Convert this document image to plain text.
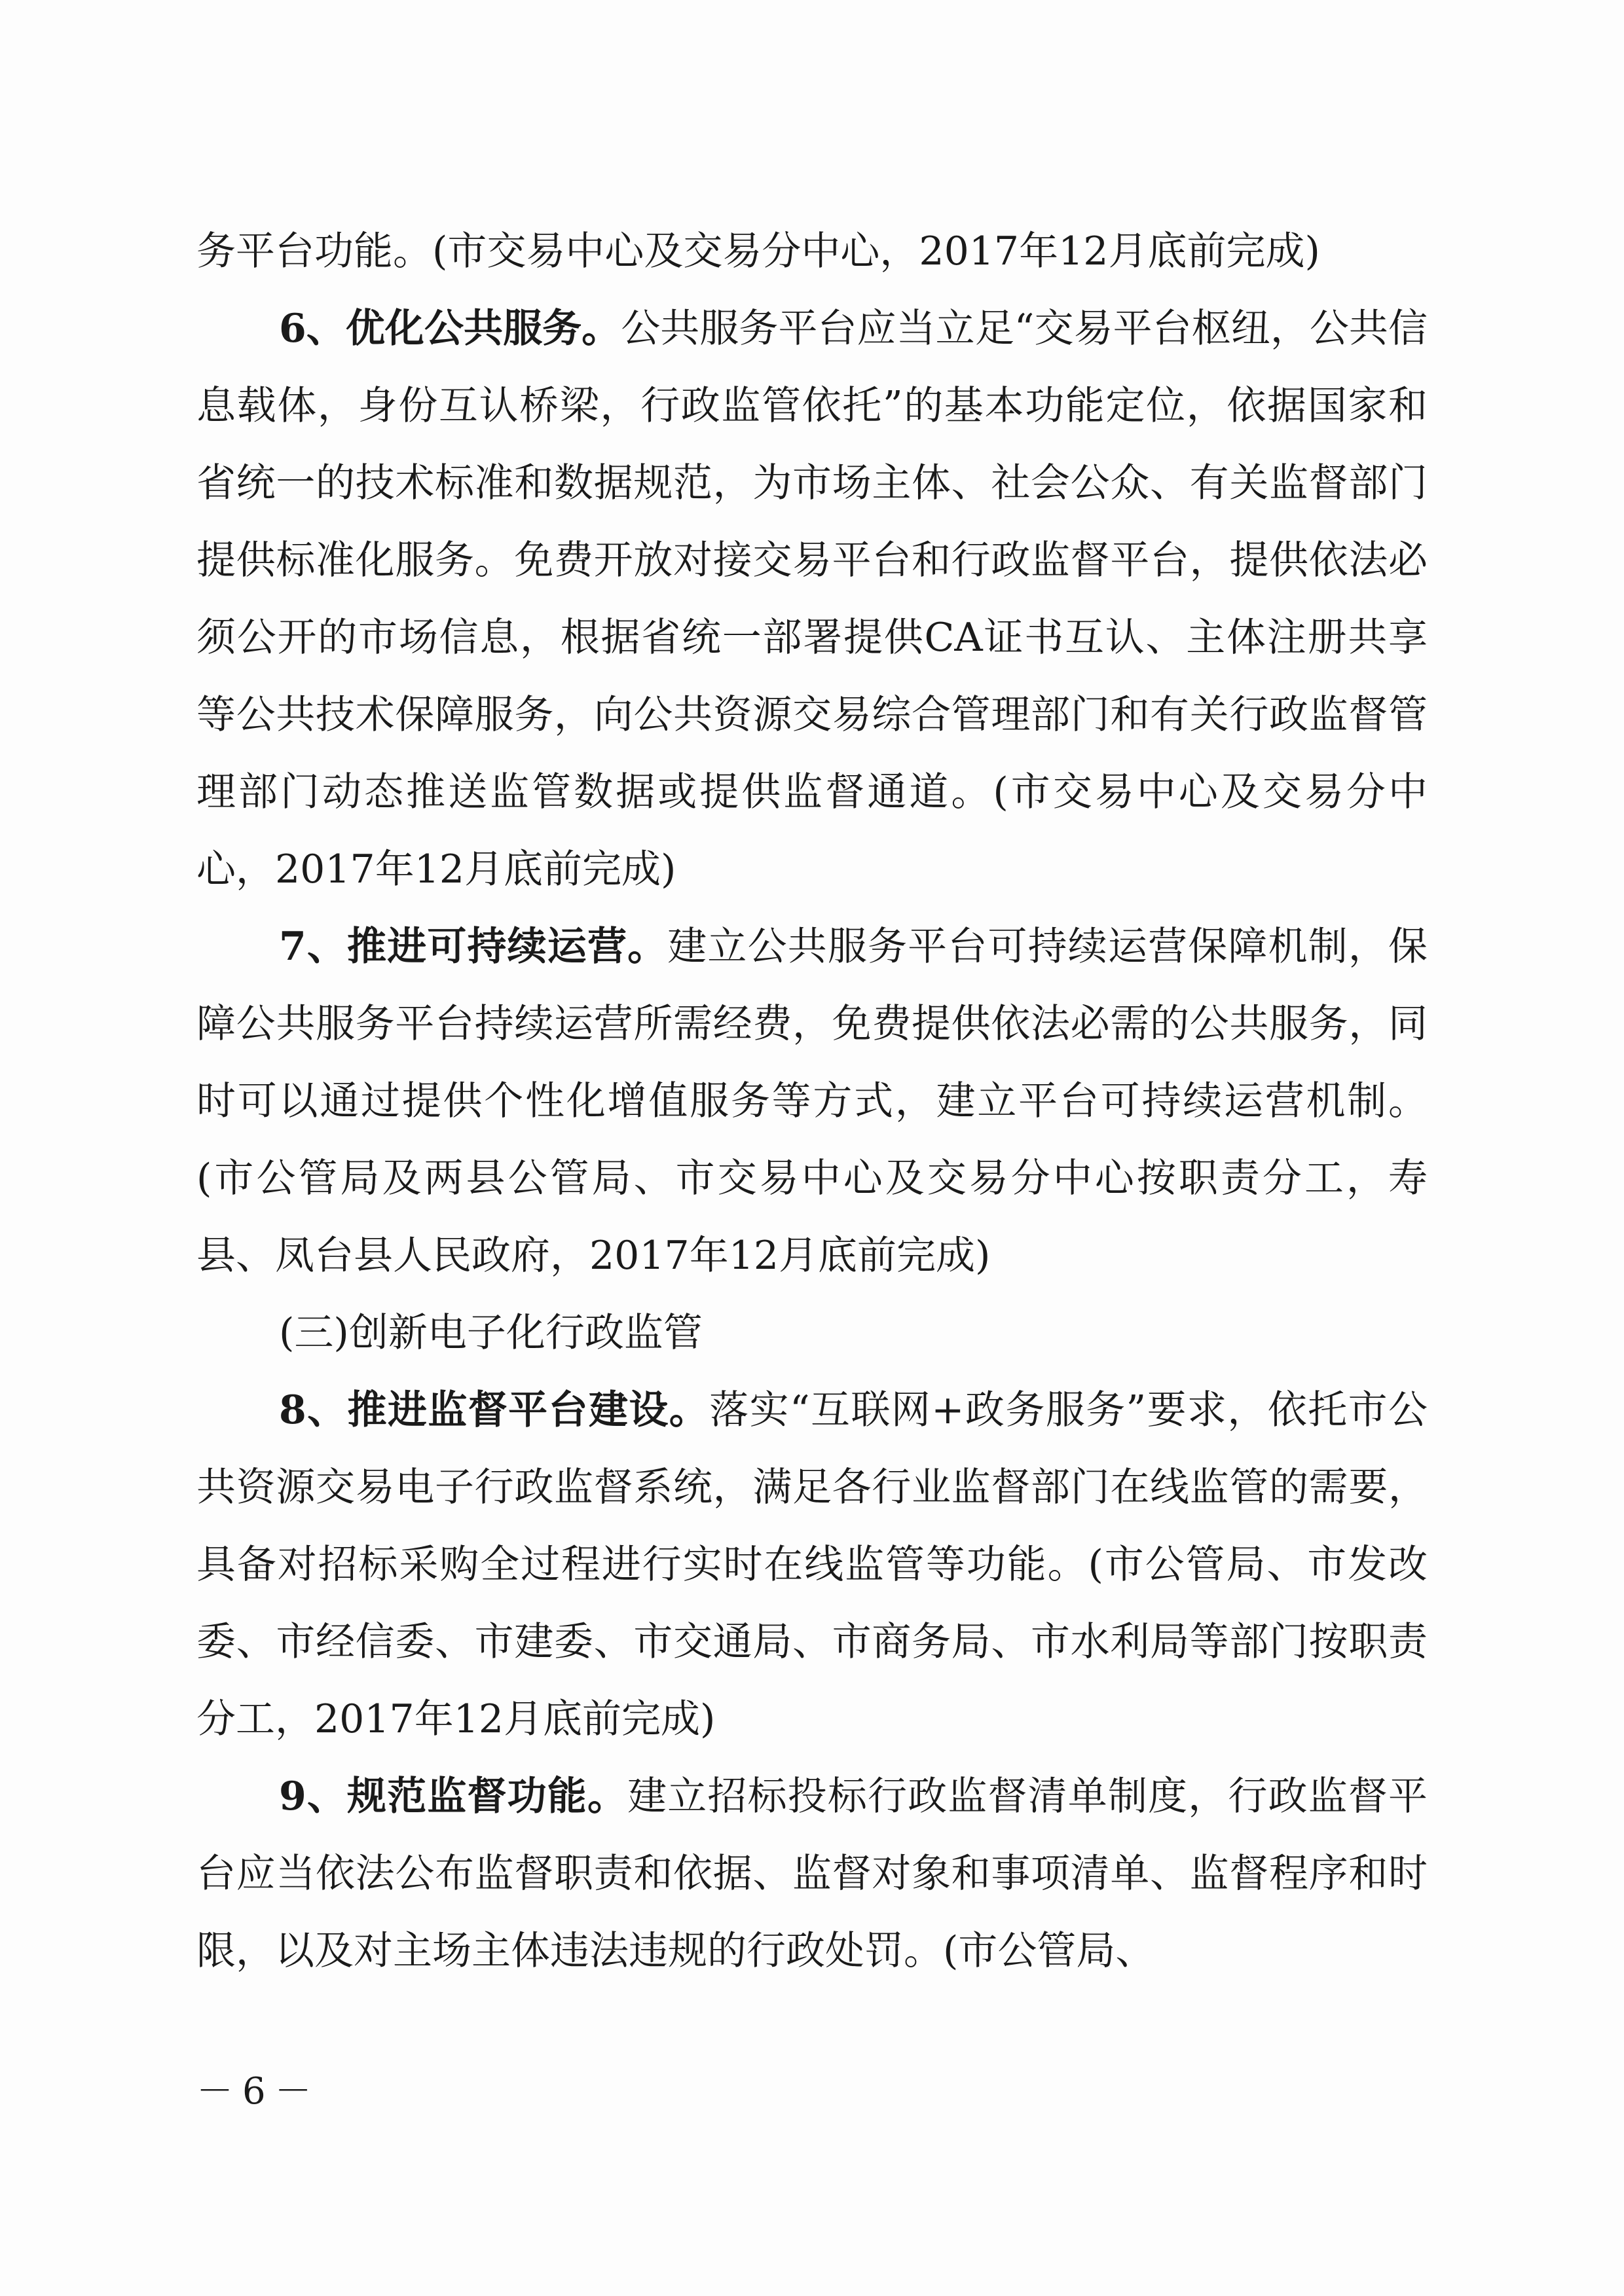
务平台功能。(市交易中心及交易分中心，2017年12月底前完成)

6、优化公共服务。公共服务平台应当立足“交易平台枢纽，公共信息载体，身份互认桥梁，行政监管依托”的基本功能定位，依据国家和省统一的技术标准和数据规范，为市场主体、社会公众、有关监督部门提供标准化服务。免费开放对接交易平台和行政监督平台，提供依法必须公开的市场信息，根据省统一部署提供CA证书互认、主体注册共享等公共技术保障服务，向公共资源交易综合管理部门和有关行政监督管理部门动态推送监管数据或提供监督通道。(市交易中心及交易分中心，2017年12月底前完成)

7、推进可持续运营。建立公共服务平台可持续运营保障机制，保障公共服务平台持续运营所需经费，免费提供依法必需的公共服务，同时可以通过提供个性化增值服务等方式，建立平台可持续运营机制。(市公管局及两县公管局、市交易中心及交易分中心按职责分工，寿县、凤台县人民政府，2017年12月底前完成)

(三)创新电子化行政监管

8、推进监督平台建设。落实“互联网+政务服务”要求，依托市公共资源交易电子行政监督系统，满足各行业监督部门在线监管的需要，具备对招标采购全过程进行实时在线监管等功能。(市公管局、市发改委、市经信委、市建委、市交通局、市商务局、市水利局等部门按职责分工，2017年12月底前完成)

9、规范监督功能。建立招标投标行政监督清单制度，行政监督平台应当依法公布监督职责和依据、监督对象和事项清单、监督程序和时限，以及对主场主体违法违规的行政处罚。(市公管局、

－6－
